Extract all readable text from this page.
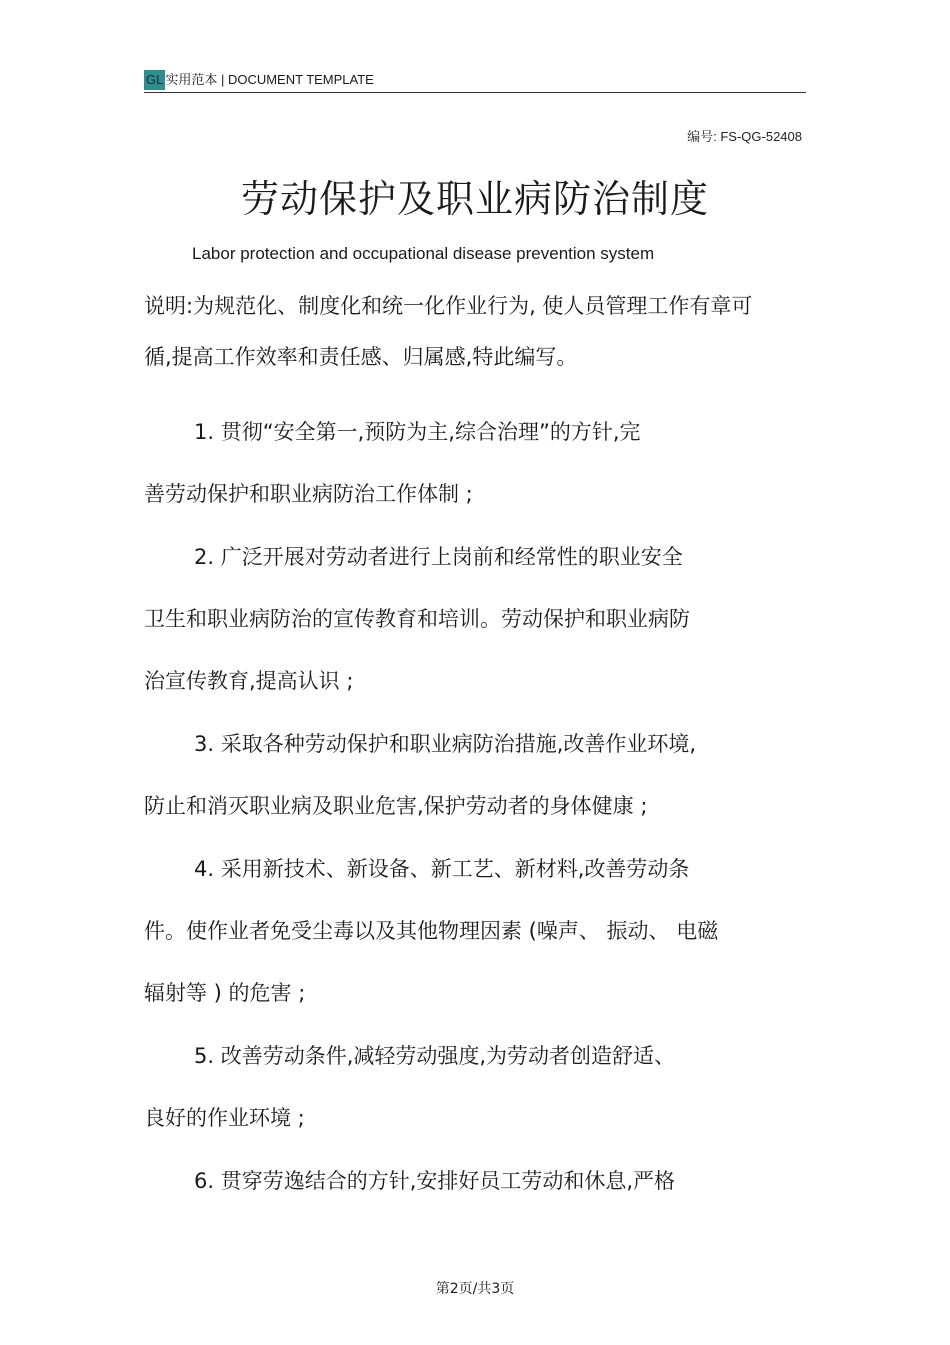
GL 实用范本 | DOCUMENT TEMPLATE
编号: FS-QG-52408
劳动保护及职业病防治制度
Labor protection and occupational disease prevention system
说明:为规范化、制度化和统一化作业行为, 使人员管理工作有章可
循,提高工作效率和责任感、归属感,特此编写。
1. 贯彻“安全第一,预防为主,综合治理”的方针,完
善劳动保护和职业病防治工作体制 ;
2. 广泛开展对劳动者进行上岗前和经常性的职业安全
卫生和职业病防治的宣传教育和培训。劳动保护和职业病防
治宣传教育,提高认识 ;
3. 采取各种劳动保护和职业病防治措施,改善作业环境,
防止和消灭职业病及职业危害,保护劳动者的身体健康 ;
4. 采用新技术、新设备、新工艺、新材料,改善劳动条
件。使作业者免受尘毒以及其他物理因素 (噪声、 振动、 电磁
辐射等 ) 的危害 ;
5. 改善劳动条件,减轻劳动强度,为劳动者创造舒适、
良好的作业环境 ;
6. 贯穿劳逸结合的方针,安排好员工劳动和休息,严格
第2页/共3页
